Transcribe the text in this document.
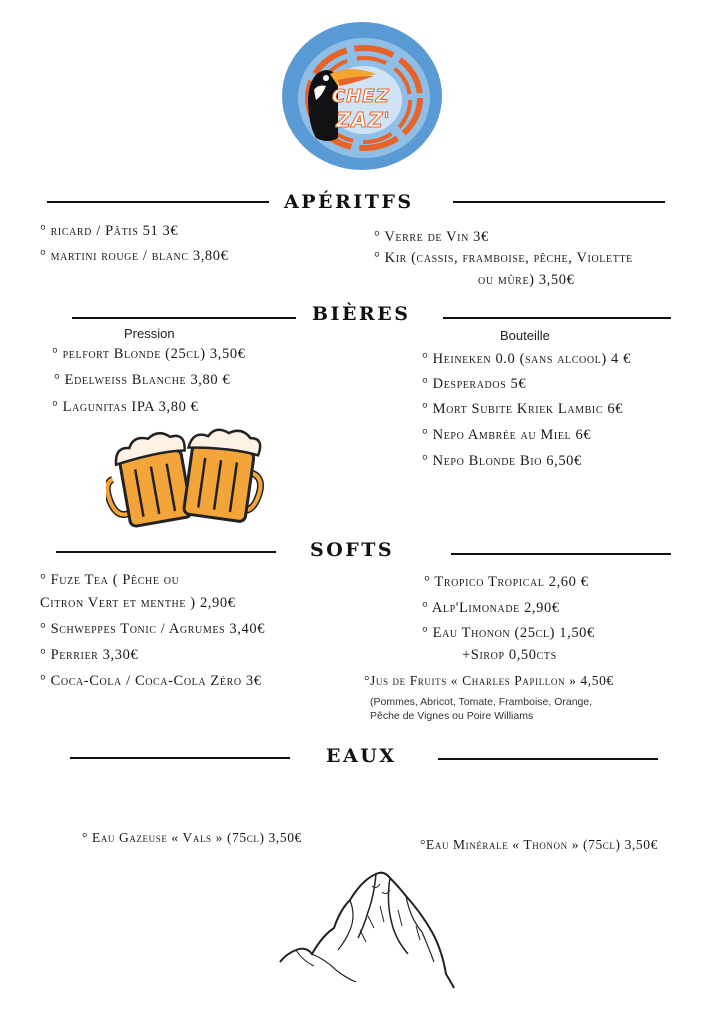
CHEZ
ZAZ'
APÉRITFS
° ricard / Pâtis 51 3€
° martini rouge / blanc 3,80€
° Verre de Vin 3€
° Kir (cassis, framboise, pêche, Violette
ou mûre) 3,50€
BIÈRES
Pression	Bouteille
° pelfort Blonde (25cl) 3,50€
° Edelweiss Blanche 3,80 €
° Lagunitas IPA 3,80 €
° Heineken 0.0 (sans alcool) 4 €
° Desperados 5€
° Mort Subite Kriek Lambic 6€
° Nepo Ambrée au Miel 6€
° Nepo Blonde Bio 6,50€
SOFTS
° Fuze Tea ( Pêche ou
Citron Vert et menthe ) 2,90€
° Schweppes Tonic / Agrumes 3,40€
° Perrier 3,30€
° Coca-Cola / Coca-Cola Zéro 3€
° Tropico Tropical 2,60 €
° Alp'Limonade 2,90€
° Eau Thonon (25cl) 1,50€
+Sirop 0,50cts
°Jus de Fruits « Charles Papillon » 4,50€
(Pommes, Abricot, Tomate, Framboise, Orange,
Pêche de Vignes ou Poire Williams
EAUX
° Eau Gazeuse « Vals » (75cl) 3,50€	°Eau Minérale « Thonon » (75cl) 3,50€
